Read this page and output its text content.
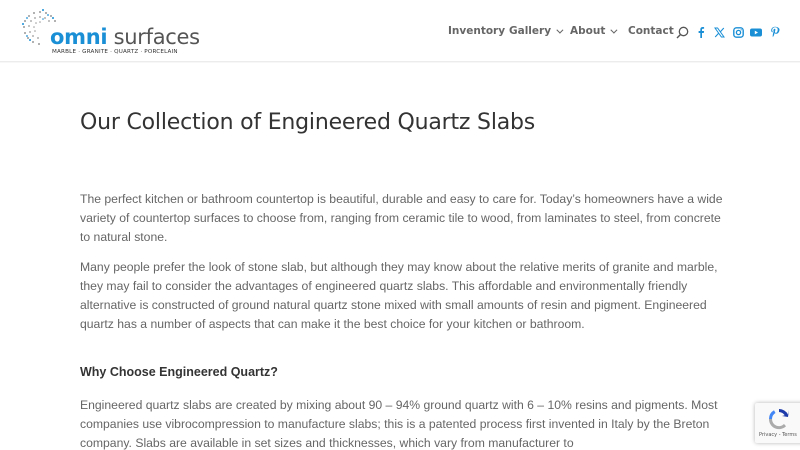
omni surfaces
MARBLE · GRANITE · QUARTZ · PORCELAIN
Inventory Gallery About Contact
Our Collection of Engineered Quartz Slabs

The perfect kitchen or bathroom countertop is beautiful, durable and easy to care for. Today’s homeowners have a wide variety of countertop surfaces to choose from, ranging from ceramic tile to wood, from laminates to steel, from concrete to natural stone.

Many people prefer the look of stone slab, but although they may know about the relative merits of granite and marble, they may fail to consider the advantages of engineered quartz slabs. This affordable and environmentally friendly alternative is constructed of ground natural quartz stone mixed with small amounts of resin and pigment. Engineered quartz has a number of aspects that can make it the best choice for your kitchen or bathroom.

Why Choose Engineered Quartz?

Engineered quartz slabs are created by mixing about 90 – 94% ground quartz with 6 – 10% resins and pigments. Most companies use vibrocompression to manufacture slabs; this is a patented process first invented in Italy by the Breton company. Slabs are available in set sizes and thicknesses, which vary from manufacturer to

Privacy - Terms
